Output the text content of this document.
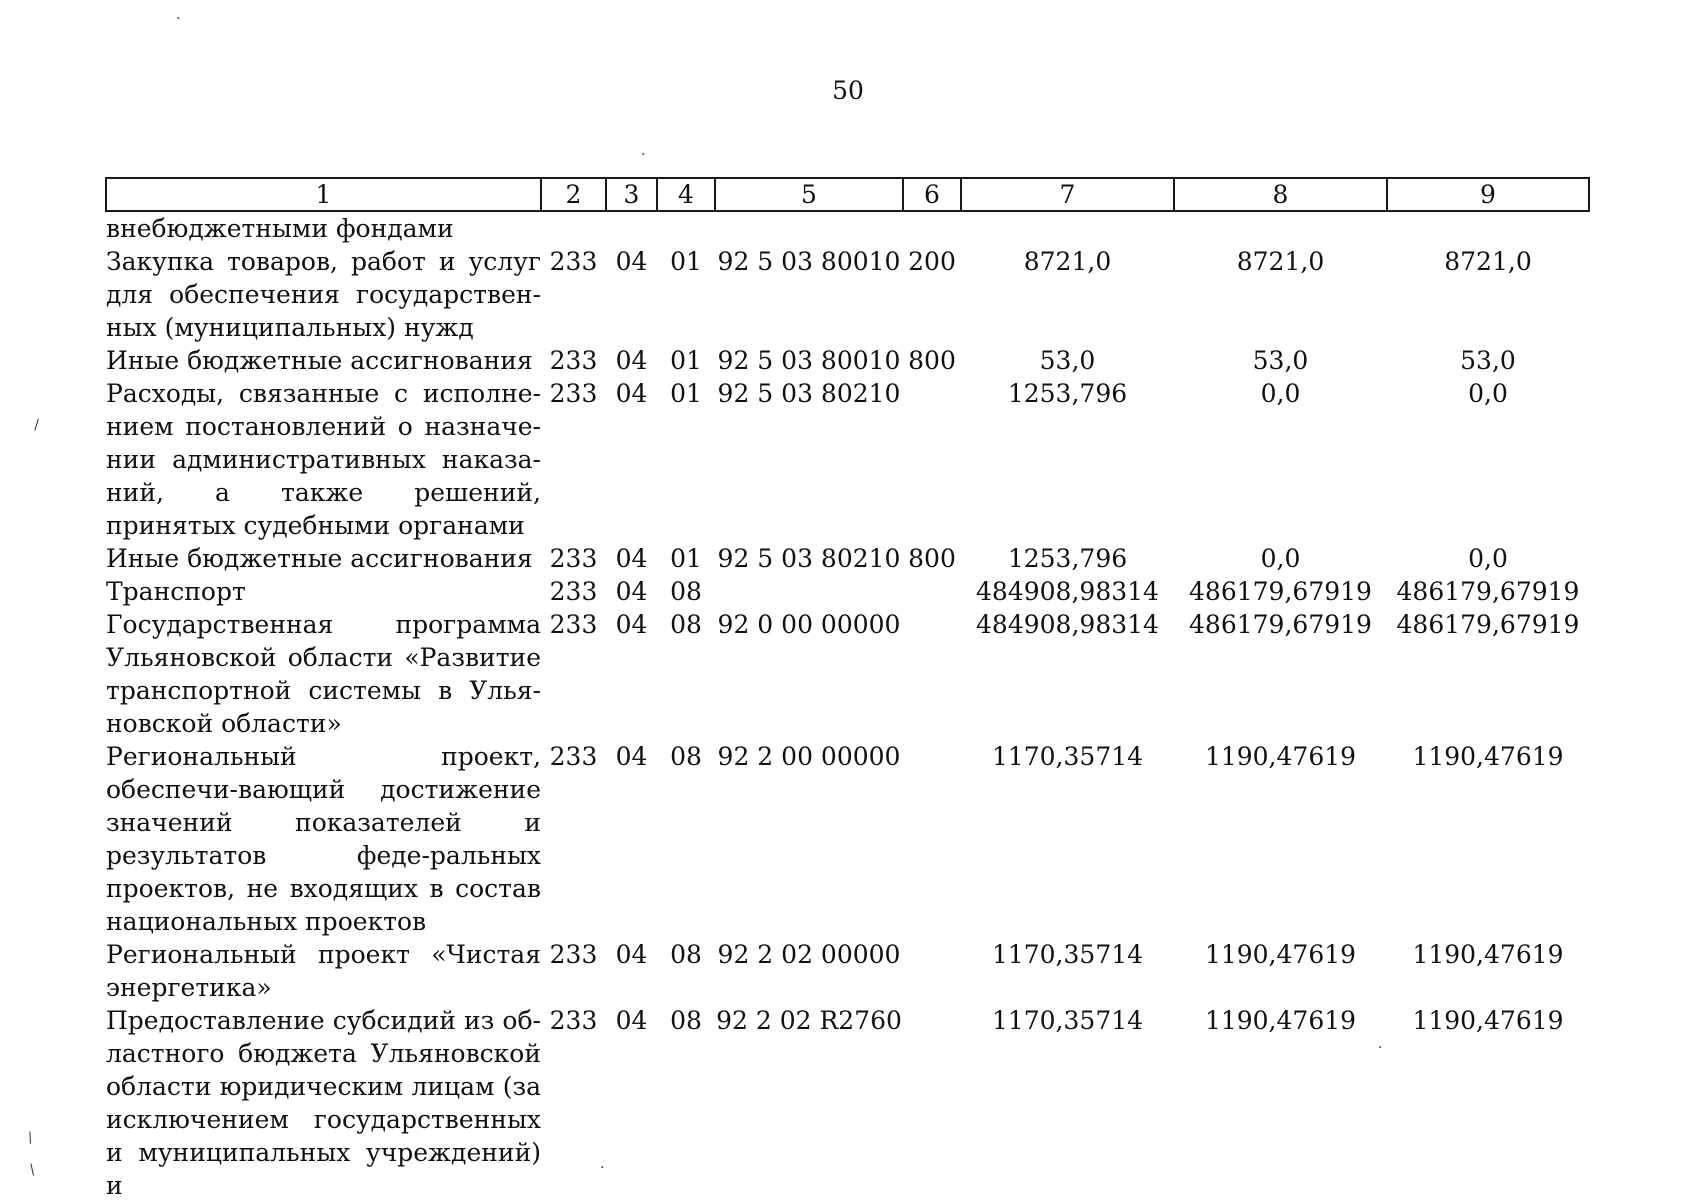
50
1	2	3	4	5	6	7	8	9
внебюджетными фондами								
Закупка товаров, работ и услуг для обеспечения государствен-ных (муниципальных) нужд	233	04	01	92 5 03 80010	200	8721,0	8721,0	8721,0
Иные бюджетные ассигнования	233	04	01	92 5 03 80010	800	53,0	53,0	53,0
Расходы, связанные с исполне-нием постановлений о назначе-нии административных наказа-ний, а также решений, принятых судебными органами	233	04	01	92 5 03 80210		1253,796	0,0	0,0
Иные бюджетные ассигнования	233	04	01	92 5 03 80210	800	1253,796	0,0	0,0
Транспорт	233	04	08			484908,98314	486179,67919	486179,67919
Государственная программа Ульяновской области «Развитие транспортной системы в Улья-новской области»	233	04	08	92 0 00 00000		484908,98314	486179,67919	486179,67919
Региональный проект, обеспечи-вающий достижение значений показателей и результатов феде-ральных проектов, не входящих в состав национальных проектов	233	04	08	92 2 00 00000		1170,35714	1190,47619	1190,47619
Региональный проект «Чистая энергетика»	233	04	08	92 2 02 00000		1170,35714	1190,47619	1190,47619
Предоставление субсидий из об-ластного бюджета Ульяновской области юридическим лицам (за исключением государственных и муниципальных учреждений) и	233	04	08	92 2 02 R2760		1170,35714	1190,47619	1190,47619
·
·
\
/
/	·
·
